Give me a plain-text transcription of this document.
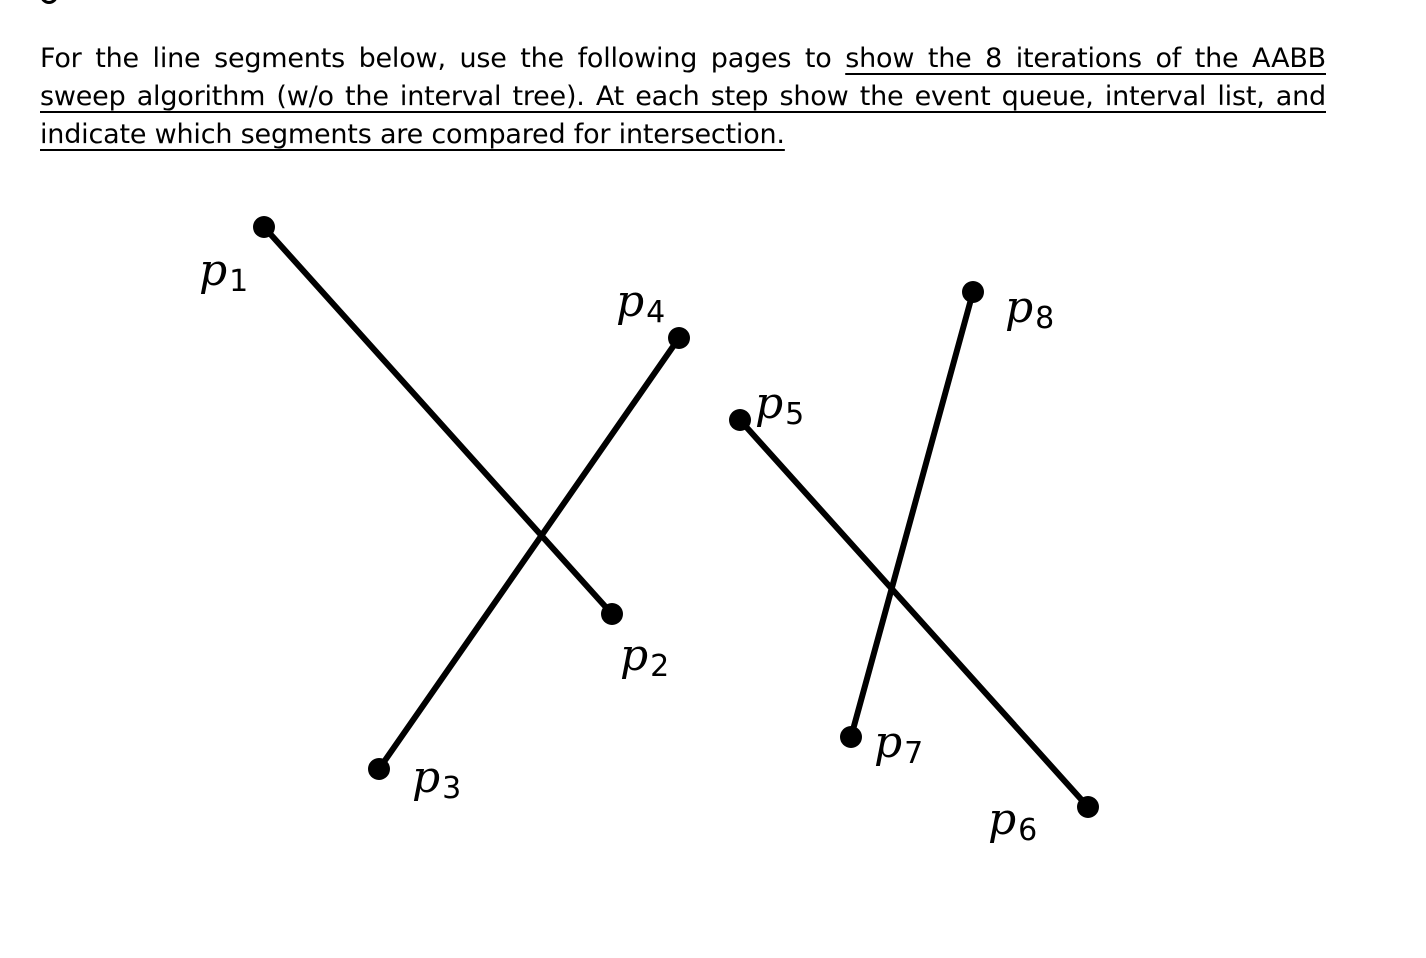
For the line segments below, use the following pages to show the 8 iterations of the AABB sweep algorithm (w/o the interval tree). At each step show the event queue, interval list, and indicate which segments are compared for intersection.
p1
p2
p3
p4
p5
p6
p7
p8
